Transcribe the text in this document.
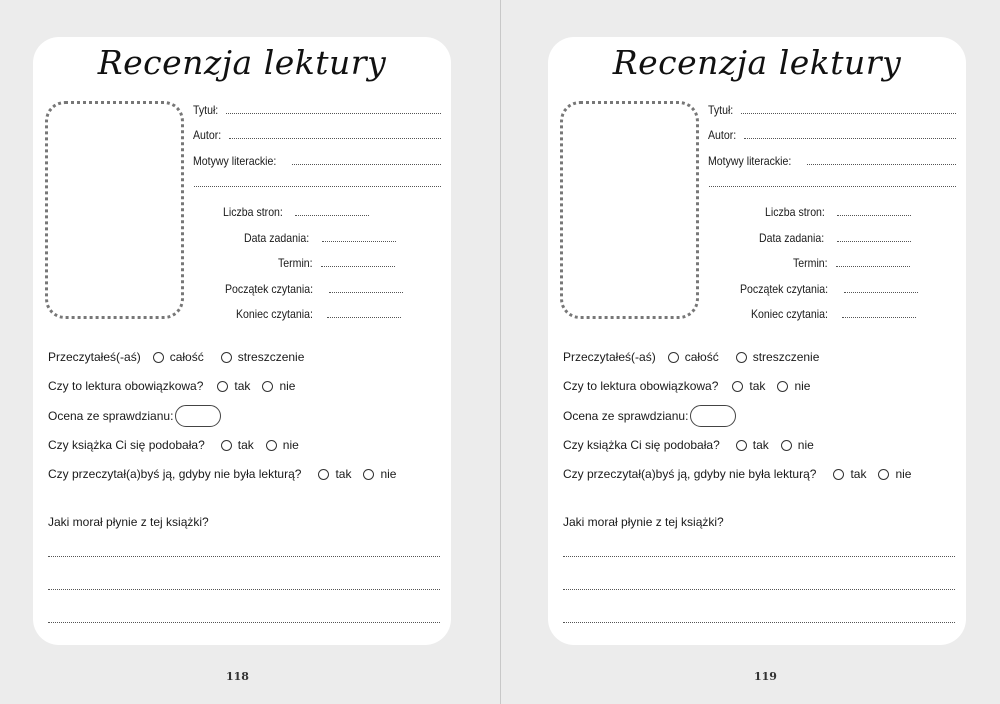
Recenzja lektury
Tytuł:
Autor:
Motywy literackie:
Liczba stron:
Data zadania:
Termin:
Początek czytania:
Koniec czytania:
Przeczytałeś(-aś) całość	streszczenie
Czy to lektura obowiązkowa?	tak nie
Ocena ze sprawdzianu:
Czy książka Ci się podobała?	tak nie
Czy przeczytał(a)byś ją, gdyby nie była lekturą?	tak nie
Jaki morał płynie z tej książki?
118
Recenzja lektury
Tytuł:
Autor:
Motywy literackie:
Liczba stron:
Data zadania:
Termin:
Początek czytania:
Koniec czytania:
Przeczytałeś(-aś) całość	streszczenie
Czy to lektura obowiązkowa?	tak nie
Ocena ze sprawdzianu:
Czy książka Ci się podobała?	tak nie
Czy przeczytał(a)byś ją, gdyby nie była lekturą?	tak nie
Jaki morał płynie z tej książki?
119
